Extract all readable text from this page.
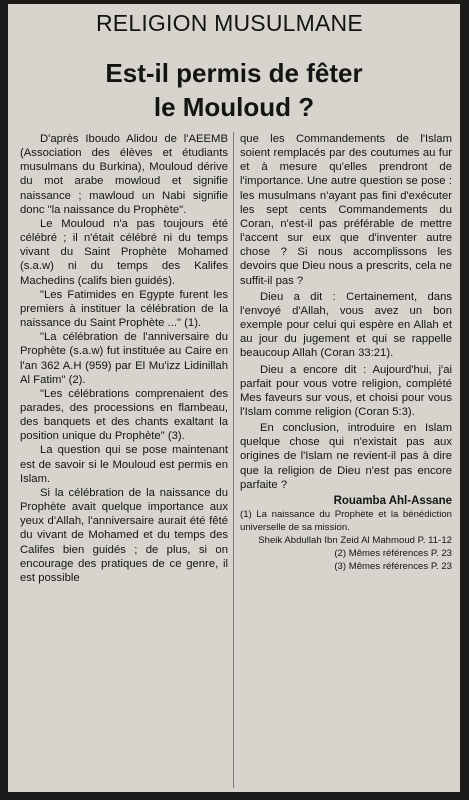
RELIGION MUSULMANE
Est-il permis de fêter
le Mouloud ?

D'après Iboudo Alidou de l'AEEMB (Association des élèves et étudiants musulmans du Burkina), Mouloud dérive du mot arabe mowloud et signifie naissance ; mawloud un Nabi signifie donc "la naissance du Prophète".

Le Mouloud n'a pas toujours été célébré ; il n'était célébré ni du temps vivant du Saint Prophète Mohamed (s.a.w) ni du temps des Kalifes Machedins (califs bien guidés).

"Les Fatimides en Egypte furent les premiers à instituer la célébration de la naissance du Saint Prophète ..." (1).

"La célébration de l'anniversaire du Prophète (s.a.w) fut instituée au Caire en l'an 362 A.H (959) par El Mu'izz Lidinillah Al Fatim" (2).

"Les célébrations comprenaient des parades, des processions en flambeau, des banquets et des chants exaltant la position unique du Prophète" (3).

La question qui se pose maintenant est de savoir si le Mouloud est permis en Islam.

Si la célébration de la naissance du Prophète avait quelque importance aux yeux d'Allah, l'anniversaire aurait été fêté du vivant de Mohamed et du temps des Califes bien guidés ; de plus, si on encourage des pratiques de ce genre, il est possible

que les Commandements de l'Islam soient remplacés par des coutumes au fur et à mesure qu'elles prendront de l'importance. Une autre question se pose : les musulmans n'ayant pas fini d'exécuter les sept cents Commandements du Coran, n'est-il pas préférable de mettre l'accent sur eux que d'inventer autre chose ? Si nous accomplissons les devoirs que Dieu nous a prescrits, cela ne suffit-il pas ?

Dieu a dit : Certainement, dans l'envoyé d'Allah, vous avez un bon exemple pour celui qui espère en Allah et au jour du jugement et qui se rappelle beaucoup Allah (Coran 33:21).

Dieu a encore dit : Aujourd'hui, j'ai parfait pour vous votre religion, complété Mes faveurs sur vous, et choisi pour vous l'Islam comme religion (Coran 5:3).

En conclusion, introduire en Islam quelque chose qui n'existait pas aux origines de l'Islam ne revient-il pas à dire que la religion de Dieu n'est pas encore parfaite ?

Rouamba Ahl-Assane

(1) La naissance du Prophète et la bénédiction universelle de sa mission.

Sheik Abdullah Ibn Zeid Al Mahmoud P. 11-12

(2) Mêmes références P. 23

(3) Mêmes références P. 23
